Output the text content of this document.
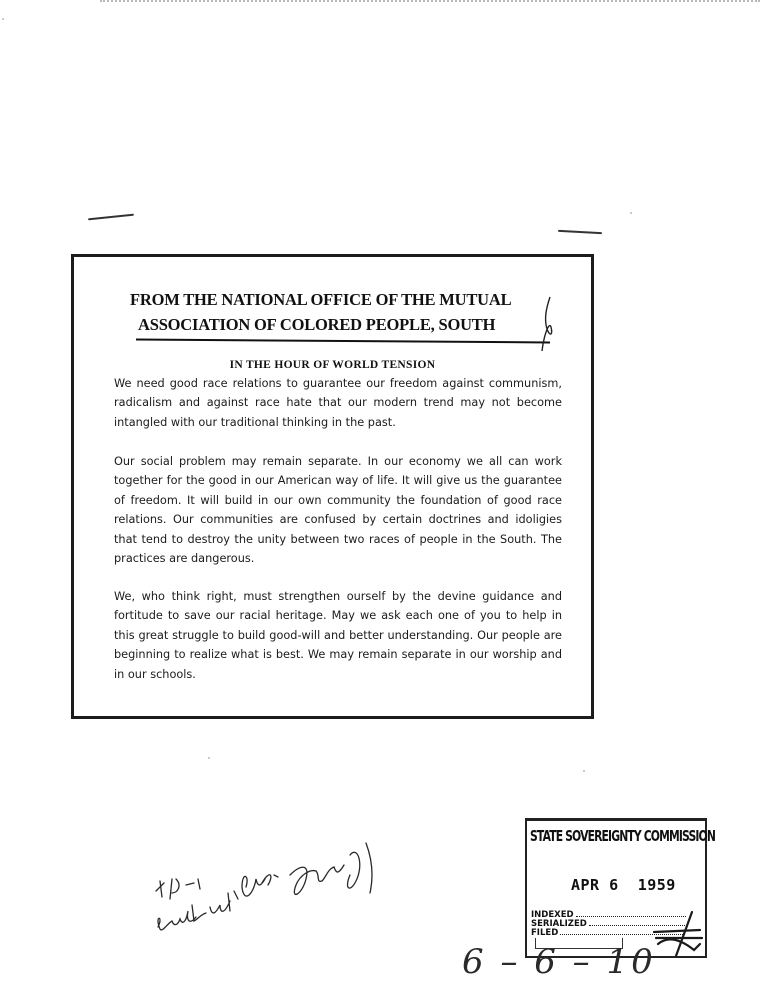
FROM THE NATIONAL OFFICE OF THE MUTUAL
ASSOCIATION OF COLORED PEOPLE, SOUTH
IN THE HOUR OF WORLD TENSION

We need good race relations to guarantee our freedom against communism, radicalism and against race hate that our modern trend may not become intangled with our traditional thinking in the past.

Our social problem may remain separate. In our economy we all can work together for the good in our American way of life. It will give us the guarantee of freedom. It will build in our own community the foundation of good race relations. Our communities are confused by certain doctrines and idoligies that tend to destroy the unity between two races of people in the South. The practices are dangerous.

We, who think right, must strengthen ourself by the devine guidance and fortitude to save our racial heritage. May we ask each one of you to help in this great struggle to build good-will and better understanding. Our people are beginning to realize what is best. We may remain separate in our worship and in our schools.

STATE SOVEREIGNTY COMMISSION
APR 6  1959
INDEXED
SERIALIZED
FILED
6 – 6 – 10
